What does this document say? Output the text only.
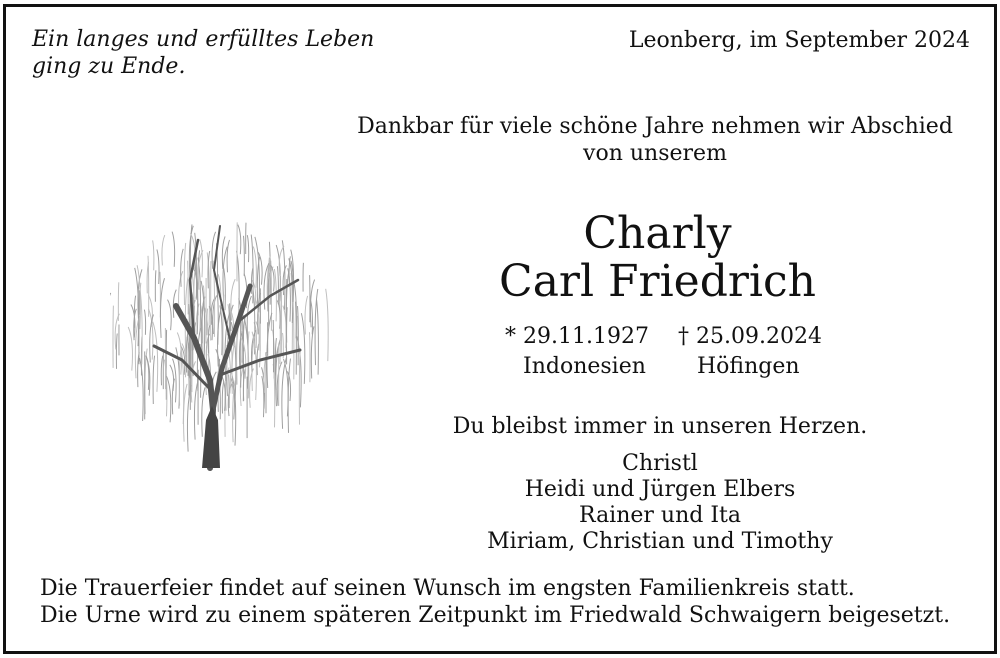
Ein langes und erfülltes Leben
ging zu Ende.
Leonberg, im September 2024
Dankbar für viele schöne Jahre nehmen wir Abschied
von unserem
Charly
Carl Friedrich
* 29.11.1927 † 25.09.2024
Indonesien Höfingen
Du bleibst immer in unseren Herzen.
Christl
Heidi und Jürgen Elbers
Rainer und Ita
Miriam, Christian und Timothy
Die Trauerfeier findet auf seinen Wunsch im engsten Familienkreis statt.
Die Urne wird zu einem späteren Zeitpunkt im Friedwald Schwaigern beigesetzt.
